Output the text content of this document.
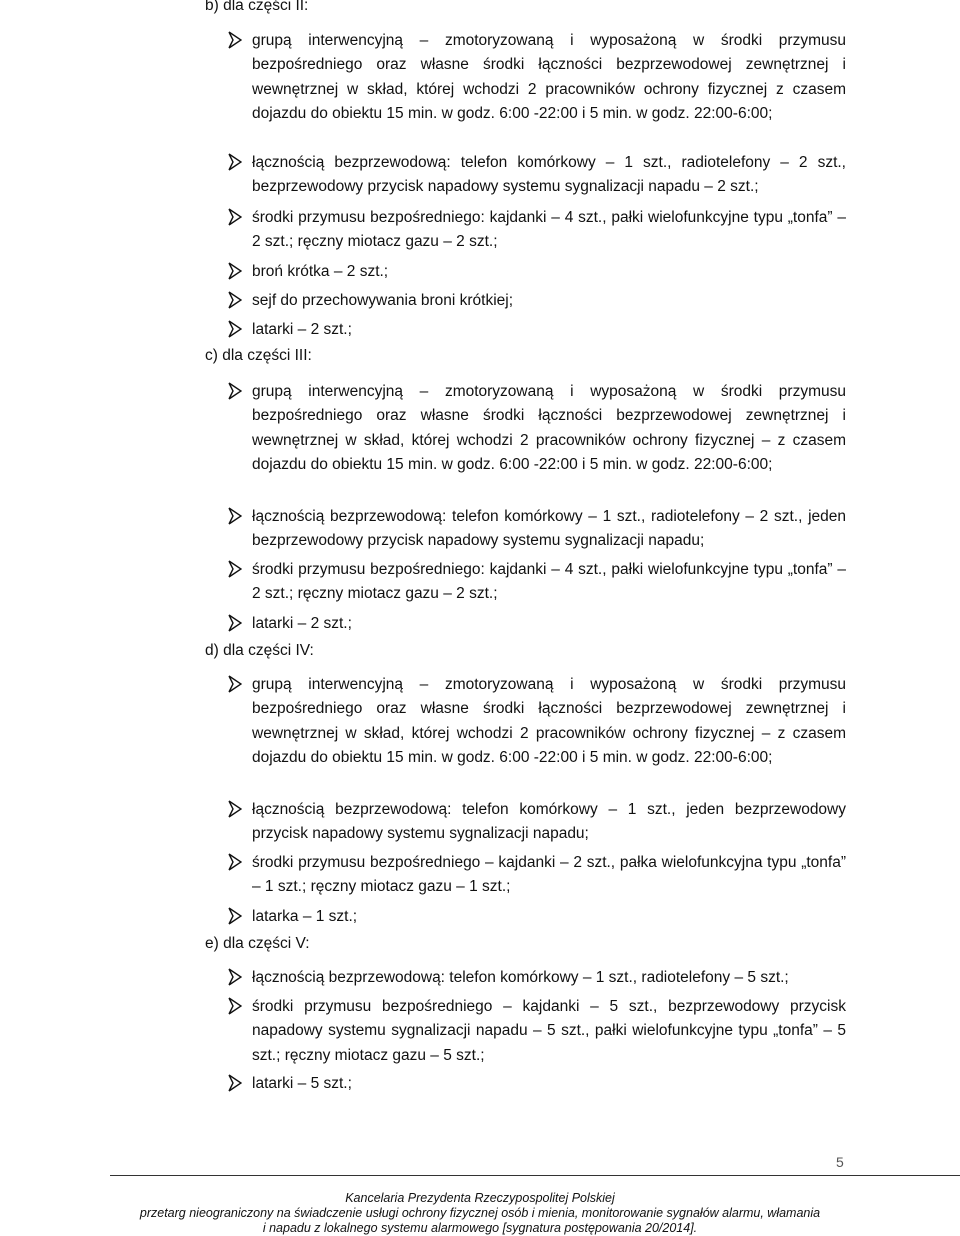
b) dla części II:
grupą interwencyjną – zmotoryzowaną i wyposażoną w środki przymusu bezpośredniego oraz własne środki łączności bezprzewodowej zewnętrznej i wewnętrznej w skład, której wchodzi 2 pracowników ochrony fizycznej z czasem dojazdu do obiektu 15 min. w godz. 6:00 -22:00 i 5 min. w godz. 22:00-6:00;
łącznością bezprzewodową: telefon komórkowy – 1 szt., radiotelefony – 2 szt., bezprzewodowy przycisk napadowy systemu sygnalizacji napadu – 2 szt.;
środki przymusu bezpośredniego: kajdanki – 4 szt., pałki wielofunkcyjne typu „tonfa” – 2 szt.; ręczny miotacz gazu – 2 szt.;
broń krótka – 2 szt.;
sejf do przechowywania broni krótkiej;
latarki – 2 szt.;
c) dla części III:
grupą interwencyjną – zmotoryzowaną i wyposażoną w środki przymusu bezpośredniego oraz własne środki łączności bezprzewodowej zewnętrznej i wewnętrznej w skład, której wchodzi 2 pracowników ochrony fizycznej – z czasem dojazdu do obiektu 15 min. w godz. 6:00 -22:00 i 5 min. w godz. 22:00-6:00;
łącznością bezprzewodową: telefon komórkowy – 1 szt., radiotelefony – 2 szt., jeden bezprzewodowy przycisk napadowy systemu sygnalizacji napadu;
środki przymusu bezpośredniego: kajdanki – 4 szt., pałki wielofunkcyjne typu „tonfa” – 2 szt.; ręczny miotacz gazu – 2 szt.;
latarki – 2 szt.;
d) dla części IV:
grupą interwencyjną – zmotoryzowaną i wyposażoną w środki przymusu bezpośredniego oraz własne środki łączności bezprzewodowej zewnętrznej i wewnętrznej w skład, której wchodzi 2 pracowników ochrony fizycznej – z czasem dojazdu do obiektu 15 min. w godz. 6:00 -22:00 i 5 min. w godz. 22:00-6:00;
łącznością bezprzewodową: telefon komórkowy – 1 szt., jeden bezprzewodowy przycisk napadowy systemu sygnalizacji napadu;
środki przymusu bezpośredniego – kajdanki – 2 szt., pałka wielofunkcyjna typu „tonfa” – 1 szt.; ręczny miotacz gazu – 1 szt.;
latarka – 1 szt.;
e) dla części V:
łącznością bezprzewodową: telefon komórkowy – 1 szt., radiotelefony – 5 szt.;
środki przymusu bezpośredniego – kajdanki – 5 szt., bezprzewodowy przycisk napadowy systemu sygnalizacji napadu – 5 szt., pałki wielofunkcyjne typu „tonfa” – 5 szt.; ręczny miotacz gazu – 5 szt.;
latarki – 5 szt.;
5
Kancelaria Prezydenta Rzeczypospolitej Polskiej
przetarg nieograniczony na świadczenie usługi ochrony fizycznej osób i mienia, monitorowanie sygnałów alarmu, włamania
i napadu z lokalnego systemu alarmowego [sygnatura postępowania 20/2014].
